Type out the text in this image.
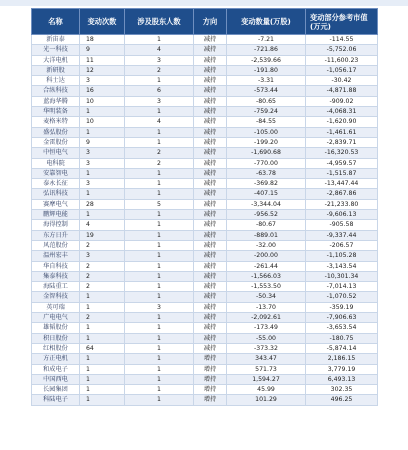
名称	变动次数	涉及股东人数	方向	变动数量(万股)	变动部分参考市值(万元)
新宙泰	18	1	减持	-7.21	-114.55
光一科技	9	4	减持	-721.86	-5,752.06
大洋电机	11	3	减持	-2,539.66	-11,600.23
新研股	12	2	减持	-191.80	-1,056.17
科士达	3	1	减持	-3.31	-30.42
合纵科技	16	6	减持	-573.44	-4,871.88
蓝海华腾	10	3	减持	-80.65	-909.02
华明装备	1	1	减持	-759.24	-4,068.31
麦格米特	10	4	减持	-84.55	-1,620.90
盛弘股份	1	1	减持	-105.00	-1,461.61
金雷股份	9	1	减持	-199.20	-2,839.71
中恒电气	3	2	减持	-1,690.68	-16,320.53
电科院	3	2	减持	-770.00	-4,959.57
安靠智电	1	1	减持	-63.78	-1,515.87
泰永长征	3	1	减持	-369.82	-13,447.44
弘讯科技	1	1	减持	-407.15	-2,867.86
赛摩电气	28	5	减持	-3,344.04	-21,233.80
鹏辉电能	1	1	减持	-956.52	-9,606.13
海得控制	4	1	减持	-80.67	-905.58
东方日升	19	1	减持	-889.01	-9,337.44
风范股份	2	1	减持	-32.00	-206.57
温州宏丰	3	1	减持	-200.00	-1,105.28
华自科技	2	1	减持	-261.44	-3,143.54
集泰科技	2	1	减持	-1,566.03	-10,301.34
海陆重工	2	1	减持	-1,553.50	-7,014.13
金智科技	1	1	减持	-50.34	-1,070.52
英可瑞	1	3	减持	-13.70	-359.19
广电电气	2	1	减持	-2,092.61	-7,906.63
雄韬股份	1	1	减持	-173.49	-3,653.54
积日股份	1	1	减持	-55.00	-180.75
红相股份	64	1	减持	-373.32	-5,874.14
方正电机	1	1	增持	343.47	2,186.15
和成电子	1	1	增持	571.73	3,779.19
中国西电	1	1	增持	1,594.27	6,493.13
长园集团	1	1	增持	45.99	302.35
科陆电子	1	1	增持	101.29	496.25
